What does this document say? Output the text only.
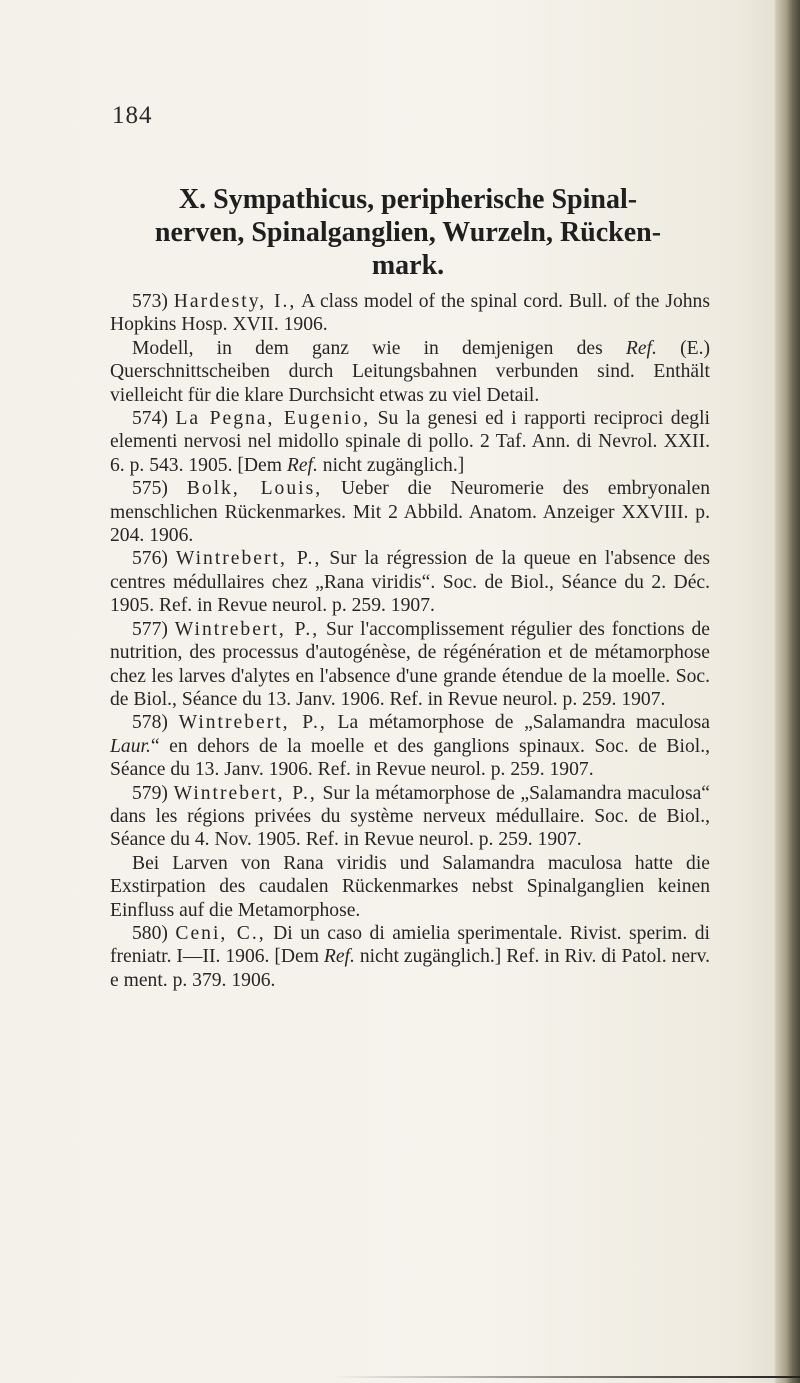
184
X. Sympathicus, peripherische Spinal-
nerven, Spinalganglien, Wurzeln, Rücken-
mark.

573) Hardesty, I., A class model of the spinal cord. Bull. of the Johns Hopkins Hosp. XVII. 1906.

Modell, in dem ganz wie in demjenigen des Ref. (E.) Querschnittscheiben durch Leitungsbahnen verbunden sind. Enthält vielleicht für die klare Durchsicht etwas zu viel Detail.

574) La Pegna, Eugenio, Su la genesi ed i rapporti reciproci degli elementi nervosi nel midollo spinale di pollo. 2 Taf. Ann. di Nevrol. XXII. 6. p. 543. 1905. [Dem Ref. nicht zugänglich.]

575) Bolk, Louis, Ueber die Neuromerie des embryonalen menschlichen Rückenmarkes. Mit 2 Abbild. Anatom. Anzeiger XXVIII. p. 204. 1906.

576) Wintrebert, P., Sur la régression de la queue en l'absence des centres médullaires chez „Rana viridis“. Soc. de Biol., Séance du 2. Déc. 1905. Ref. in Revue neurol. p. 259. 1907.

577) Wintrebert, P., Sur l'accomplissement régulier des fonctions de nutrition, des processus d'autogénèse, de régénération et de métamorphose chez les larves d'alytes en l'absence d'une grande étendue de la moelle. Soc. de Biol., Séance du 13. Janv. 1906. Ref. in Revue neurol. p. 259. 1907.

578) Wintrebert, P., La métamorphose de „Salamandra maculosa Laur.“ en dehors de la moelle et des ganglions spinaux. Soc. de Biol., Séance du 13. Janv. 1906. Ref. in Revue neurol. p. 259. 1907.

579) Wintrebert, P., Sur la métamorphose de „Salamandra maculosa“ dans les régions privées du système nerveux médullaire. Soc. de Biol., Séance du 4. Nov. 1905. Ref. in Revue neurol. p. 259. 1907.

Bei Larven von Rana viridis und Salamandra maculosa hatte die Exstirpation des caudalen Rückenmarkes nebst Spinalganglien keinen Einfluss auf die Metamorphose.

580) Ceni, C., Di un caso di amielia sperimentale. Rivist. sperim. di freniatr. I—II. 1906. [Dem Ref. nicht zugänglich.] Ref. in Riv. di Patol. nerv. e ment. p. 379. 1906.
